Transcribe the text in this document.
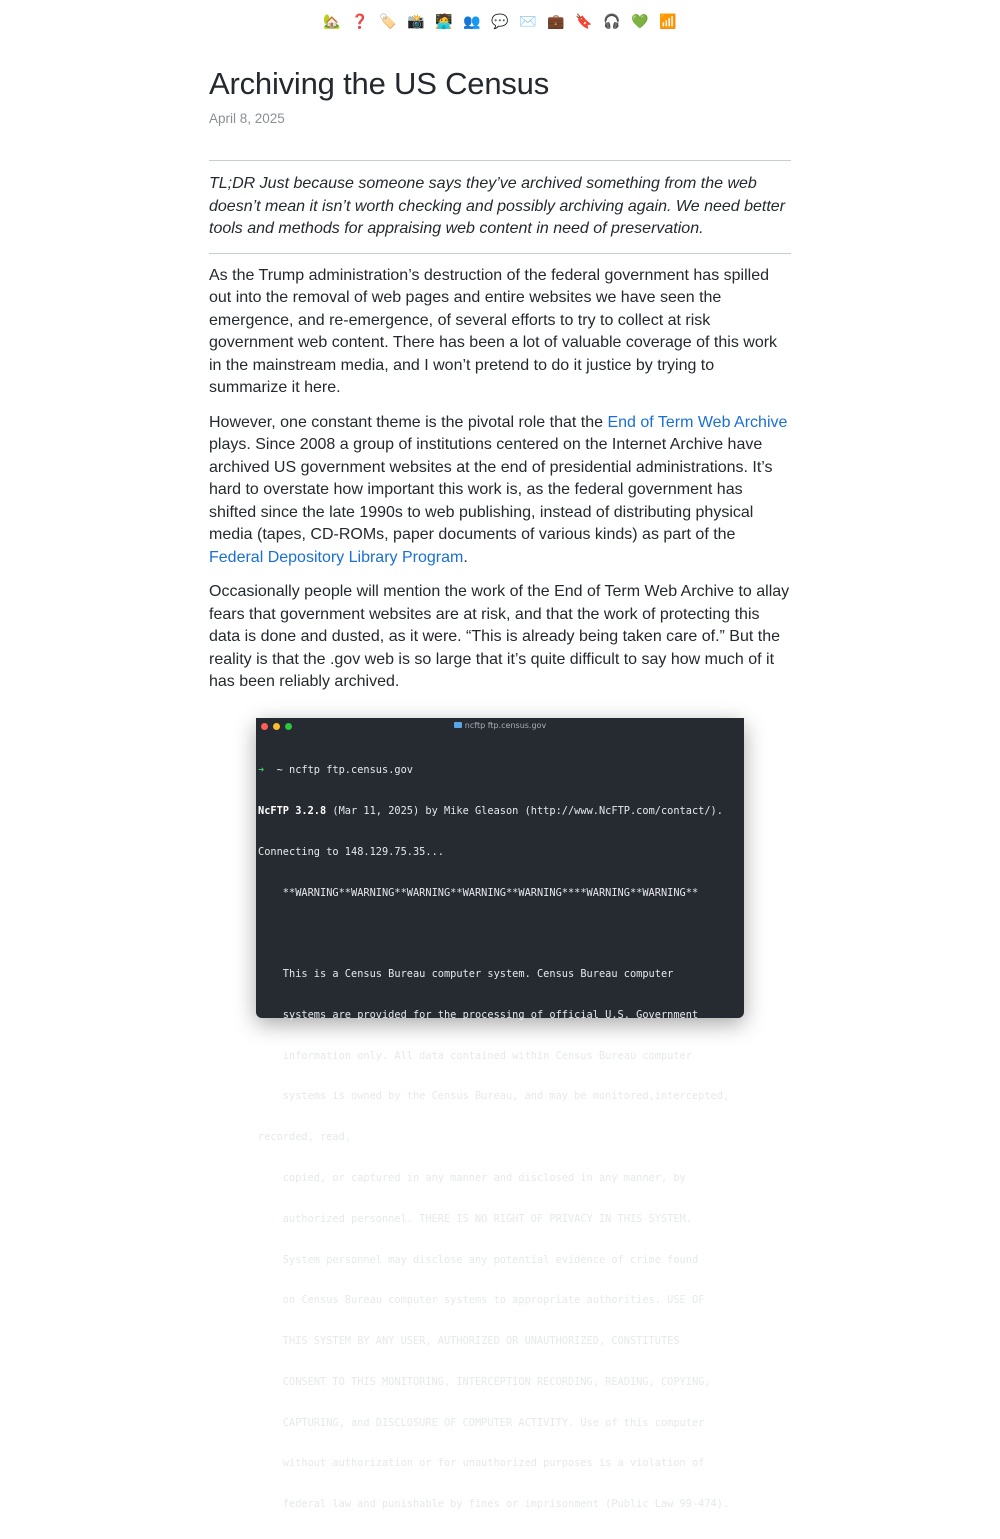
🏡 ❓ 🏷️ 📸 🧑‍💻 👥 💬 ✉️ 💼 🔖 🎧 💚 📶
Archiving the US Census
April 8, 2025
TL;DR Just because someone says they’ve archived something from the web doesn’t mean it isn’t worth checking and possibly archiving again. We need better tools and methods for appraising web content in need of preservation.

As the Trump administration’s destruction of the federal government has spilled out into the removal of web pages and entire websites we have seen the emergence, and re-emergence, of several efforts to try to collect at risk government web content. There has been a lot of valuable coverage of this work in the mainstream media, and I won’t pretend to do it justice by trying to summarize it here.

However, one constant theme is the pivotal role that the End of Term Web Archive plays. Since 2008 a group of institutions centered on the Internet Archive have archived US government websites at the end of presidential administrations. It’s hard to overstate how important this work is, as the federal government has shifted since the late 1990s to web publishing, instead of distributing physical media (tapes, CD-ROMs, paper documents of various kinds) as part of the Federal Depository Library Program.

Occasionally people will mention the work of the End of Term Web Archive to allay fears that government websites are at risk, and that the work of protecting this data is done and dusted, as it were. “This is already being taken care of.” But the reality is that the .gov web is so large that it’s quite difficult to say how much of it has been reliably archived.

ncftp ftp.census.gov

➜  ~ ncftp ftp.census.gov

NcFTP 3.2.8 (Mar 11, 2025) by Mike Gleason (http://www.NcFTP.com/contact/).

Connecting to 148.129.75.35...

**WARNING**WARNING**WARNING**WARNING**WARNING****WARNING**WARNING**

This is a Census Bureau computer system. Census Bureau computer

systems are provided for the processing of official U.S. Government

information only. All data contained within Census Bureau computer

systems is owned by the Census Bureau, and may be monitored,intercepted,

recorded, read,

copied, or captured in any manner and disclosed in any manner, by

authorized personnel. THERE IS NO RIGHT OF PRIVACY IN THIS SYSTEM.

System personnel may disclose any potential evidence of crime found

on Census Bureau computer systems to appropriate authorities. USE OF

THIS SYSTEM BY ANY USER, AUTHORIZED OR UNAUTHORIZED, CONSTITUTES

CONSENT TO THIS MONITORING, INTERCEPTION RECORDING, READING, COPYING,

CAPTURING, and DISCLOSURE OF COMPUTER ACTIVITY. Use of this computer

without authorization or for unauthorized purposes is a violation of

federal law and punishable by fines or imprisonment (Public Law 99-474).
